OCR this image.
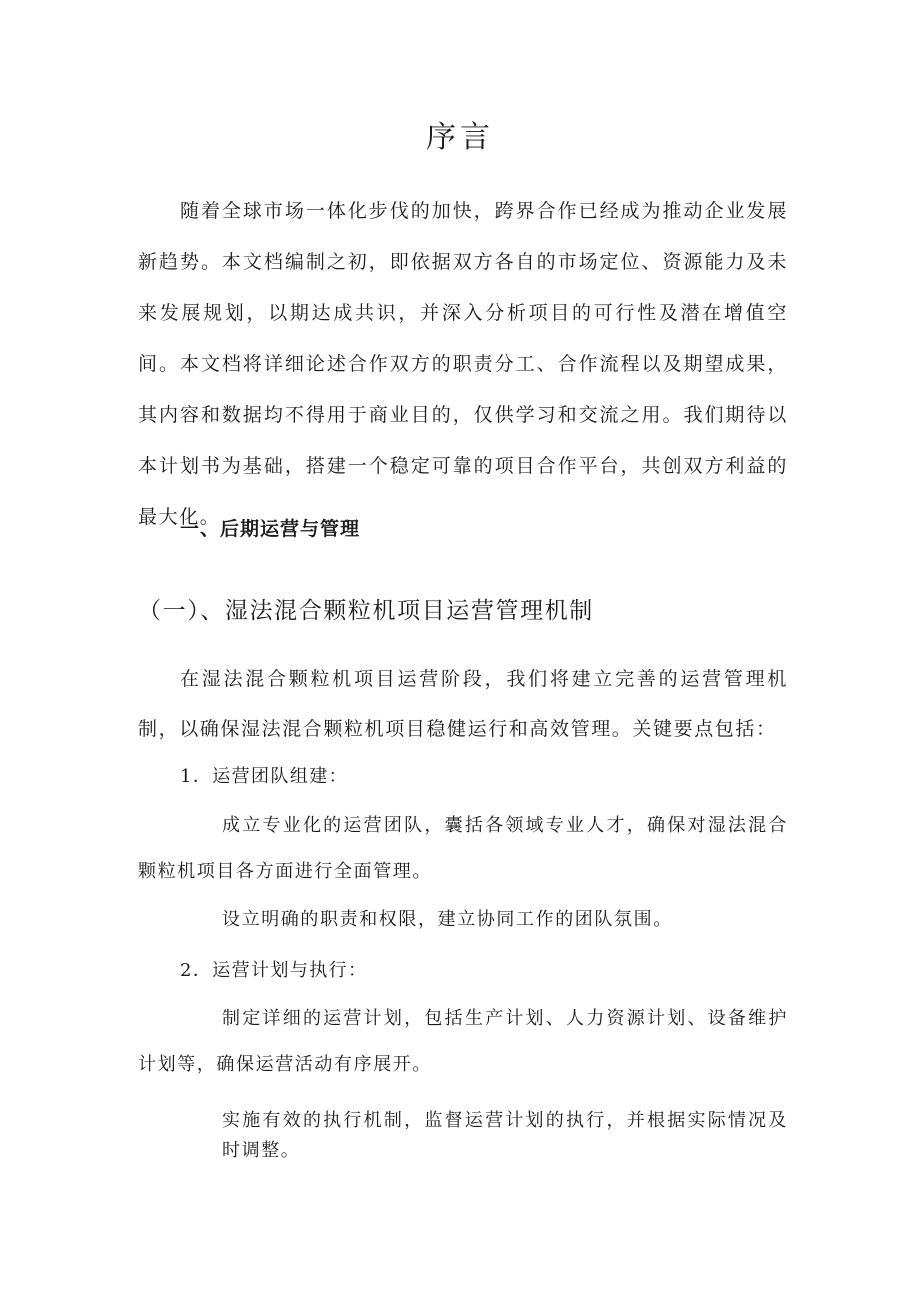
序言
随着全球市场一体化步伐的加快，跨界合作已经成为推动企业发展新趋势。本文档编制之初，即依据双方各自的市场定位、资源能力及未来发展规划，以期达成共识，并深入分析项目的可行性及潜在增值空间。本文档将详细论述合作双方的职责分工、合作流程以及期望成果，其内容和数据均不得用于商业目的，仅供学习和交流之用。我们期待以本计划书为基础，搭建一个稳定可靠的项目合作平台，共创双方利益的最大化。
一、后期运营与管理
（一）、湿法混合颗粒机项目运营管理机制
在湿法混合颗粒机项目运营阶段，我们将建立完善的运营管理机制，以确保湿法混合颗粒机项目稳健运行和高效管理。关键要点包括：
1．运营团队组建：
成立专业化的运营团队，囊括各领域专业人才，确保对湿法混合颗粒机项目各方面进行全面管理。
设立明确的职责和权限，建立协同工作的团队氛围。
2．运营计划与执行：
制定详细的运营计划，包括生产计划、人力资源计划、设备维护计划等，确保运营活动有序展开。
实施有效的执行机制，监督运营计划的执行，并根据实际情况及时调整。
